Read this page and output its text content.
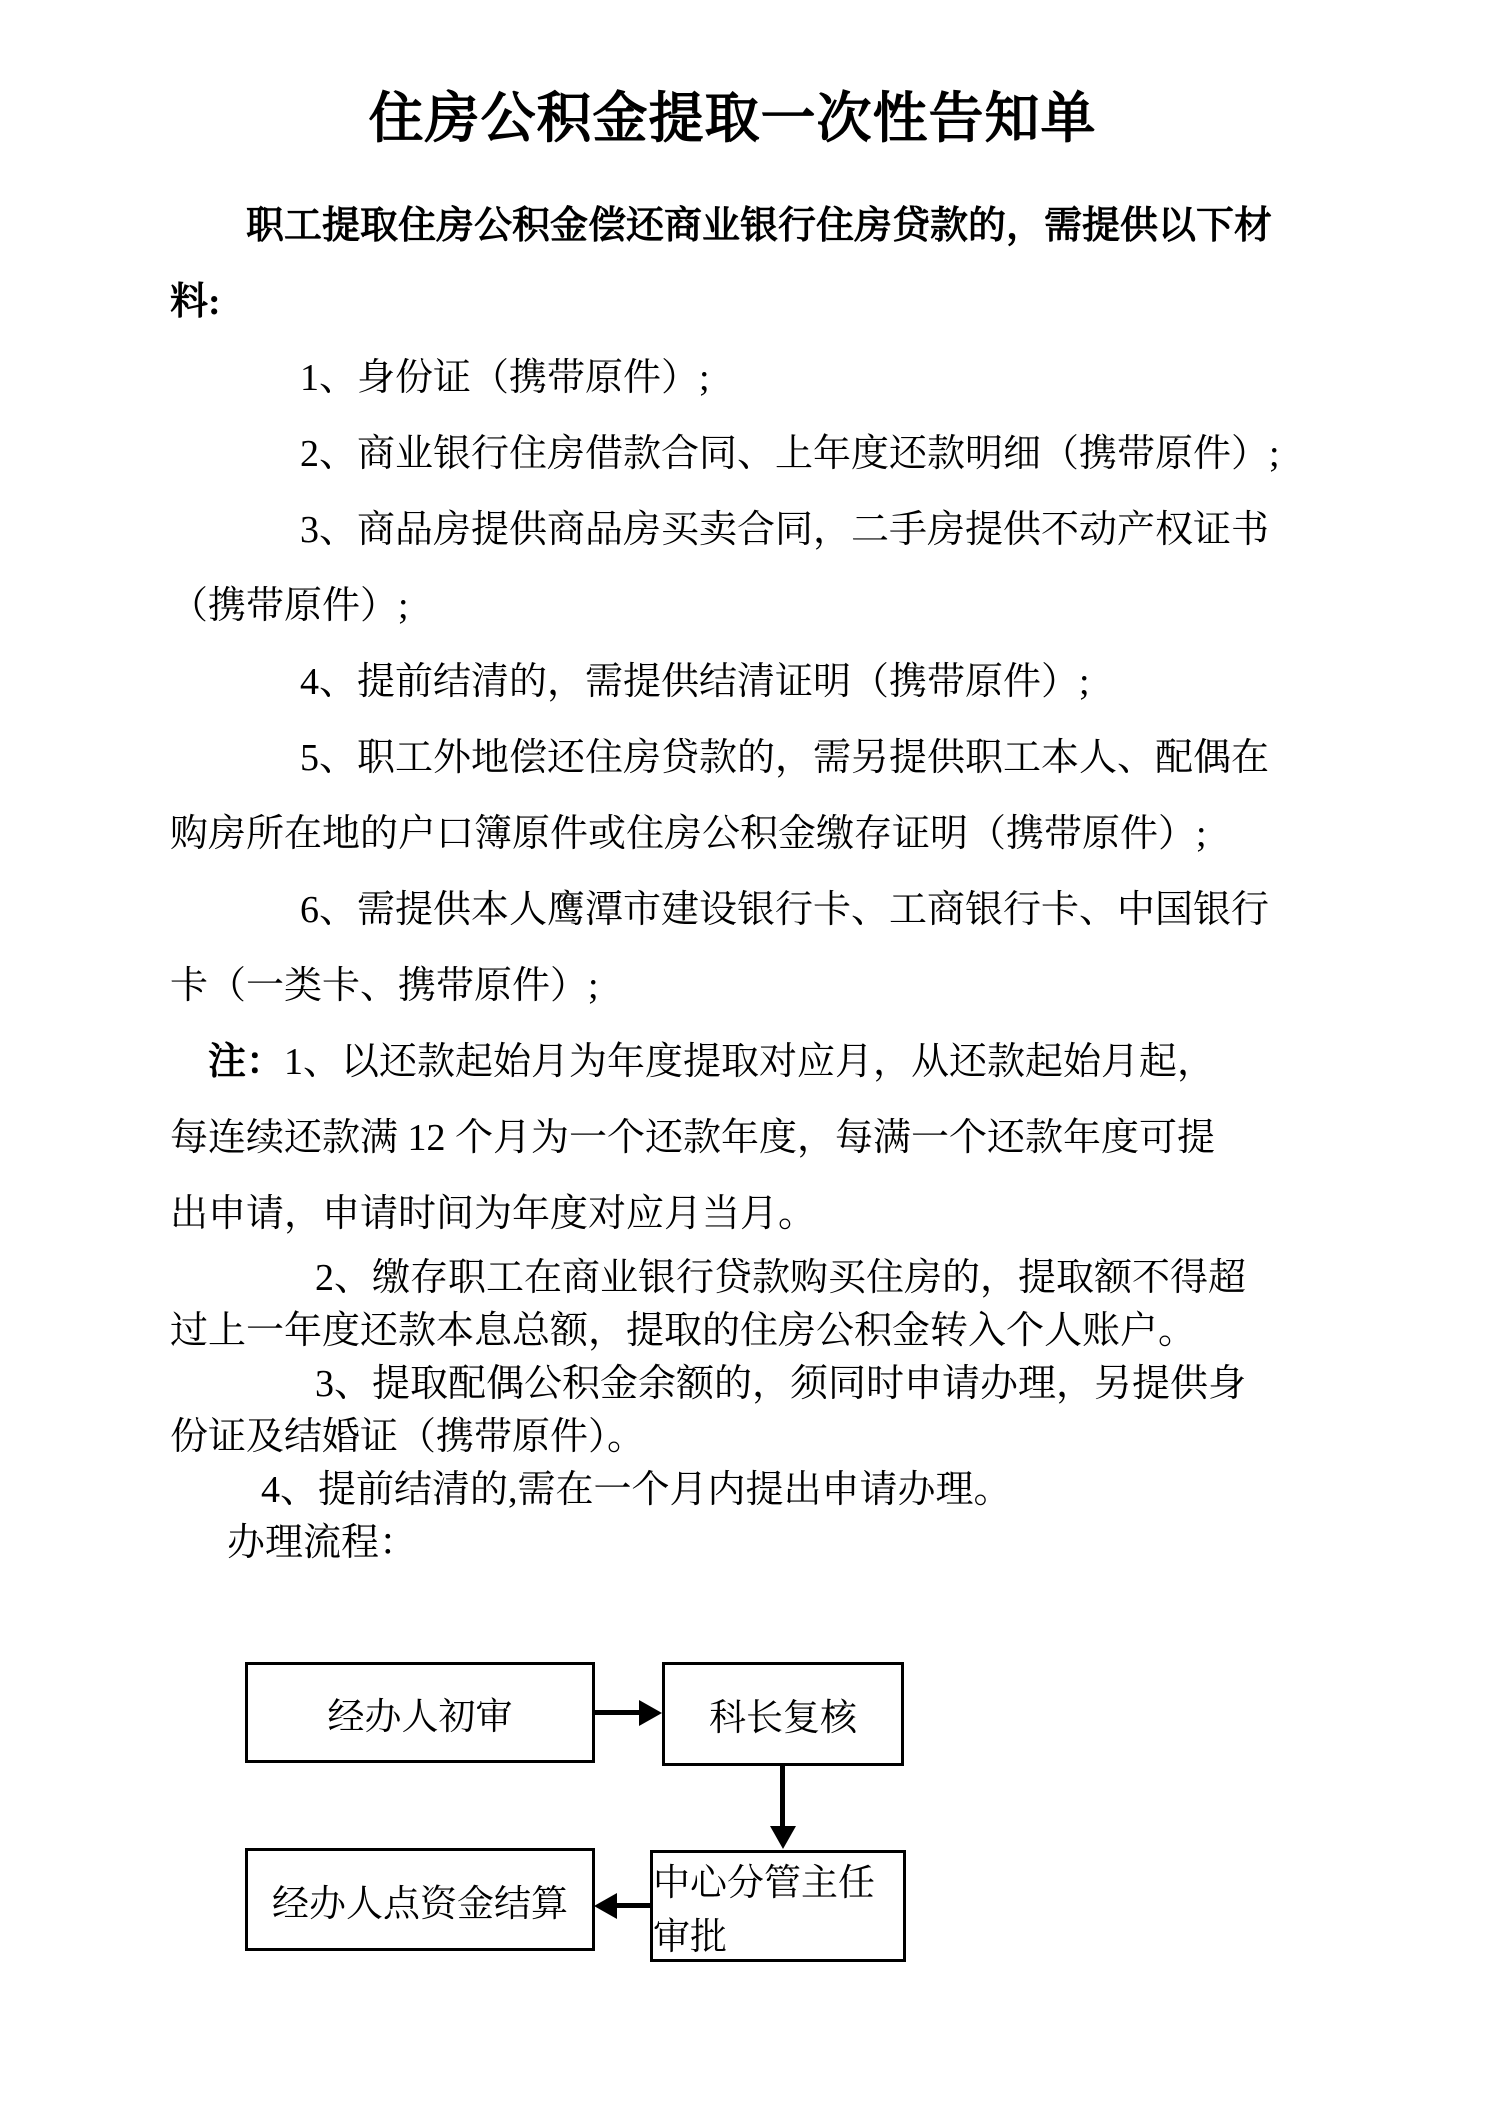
住房公积金提取一次性告知单
职工提取住房公积金偿还商业银行住房贷款的，需提供以下材
料:
1、身份证（携带原件）;
2、商业银行住房借款合同、上年度还款明细（携带原件）;
3、商品房提供商品房买卖合同，二手房提供不动产权证书
（携带原件）;
4、提前结清的，需提供结清证明（携带原件）;
5、职工外地偿还住房贷款的，需另提供职工本人、配偶在
购房所在地的户口簿原件或住房公积金缴存证明（携带原件）;
6、需提供本人鹰潭市建设银行卡、工商银行卡、中国银行
卡（一类卡、携带原件）;
注：1、以还款起始月为年度提取对应月，从还款起始月起，
每连续还款满 12 个月为一个还款年度，每满一个还款年度可提
出申请，申请时间为年度对应月当月。
2、缴存职工在商业银行贷款购买住房的，提取额不得超
过上一年度还款本息总额，提取的住房公积金转入个人账户。
3、提取配偶公积金余额的，须同时申请办理，另提供身
份证及结婚证（携带原件）。
4、提前结清的,需在一个月内提出申请办理。
办理流程：
经办人初审	科长复核
经办人点资金结算 中心分管主任审批
